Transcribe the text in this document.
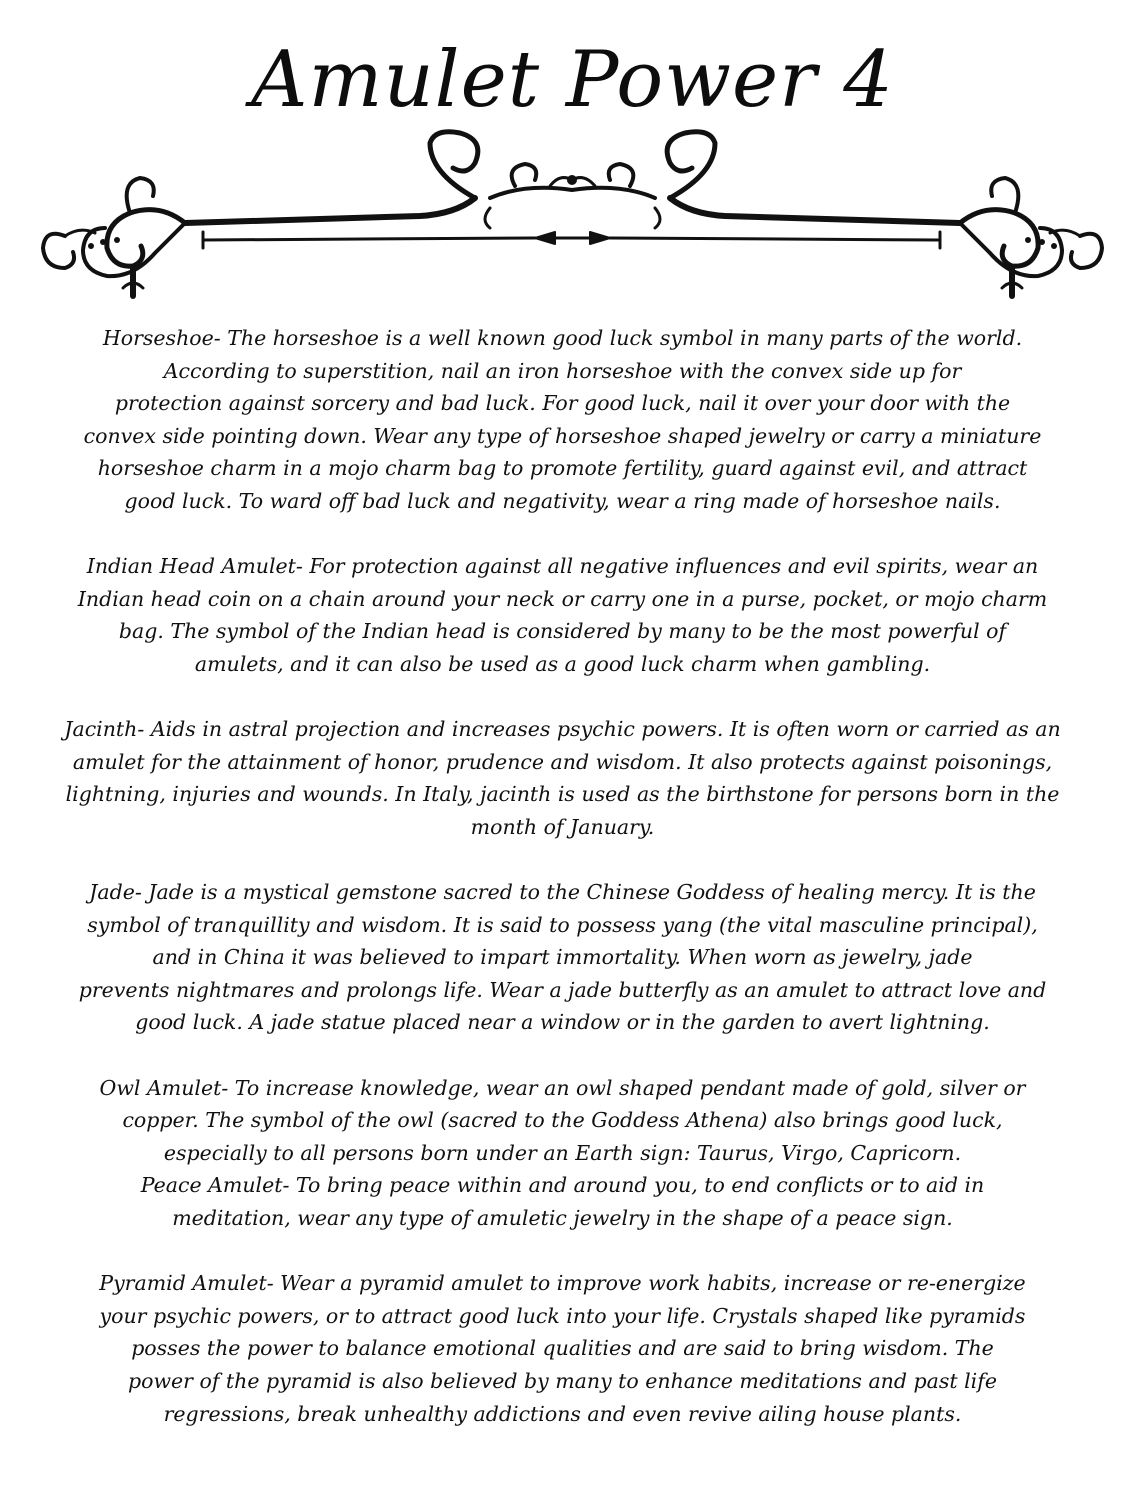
Amulet Power 4
Horseshoe- The horseshoe is a well known good luck symbol in many parts of the world.
According to superstition, nail an iron horseshoe with the convex side up for
protection against sorcery and bad luck. For good luck, nail it over your door with the
convex side pointing down. Wear any type of horseshoe shaped jewelry or carry a miniature
horseshoe charm in a mojo charm bag to promote fertility, guard against evil, and attract
good luck. To ward off bad luck and negativity, wear a ring made of horseshoe nails.
Indian Head Amulet- For protection against all negative influences and evil spirits, wear an
Indian head coin on a chain around your neck or carry one in a purse, pocket, or mojo charm
bag. The symbol of the Indian head is considered by many to be the most powerful of
amulets, and it can also be used as a good luck charm when gambling.
Jacinth- Aids in astral projection and increases psychic powers. It is often worn or carried as an
amulet for the attainment of honor, prudence and wisdom. It also protects against poisonings,
lightning, injuries and wounds. In Italy, jacinth is used as the birthstone for persons born in the
month of January.
Jade- Jade is a mystical gemstone sacred to the Chinese Goddess of healing mercy. It is the
symbol of tranquillity and wisdom. It is said to possess yang (the vital masculine principal),
and in China it was believed to impart immortality. When worn as jewelry, jade
prevents nightmares and prolongs life. Wear a jade butterfly as an amulet to attract love and
good luck. A jade statue placed near a window or in the garden to avert lightning.
Owl Amulet- To increase knowledge, wear an owl shaped pendant made of gold, silver or
copper. The symbol of the owl (sacred to the Goddess Athena) also brings good luck,
especially to all persons born under an Earth sign: Taurus, Virgo, Capricorn.
Peace Amulet- To bring peace within and around you, to end conflicts or to aid in
meditation, wear any type of amuletic jewelry in the shape of a peace sign.
Pyramid Amulet- Wear a pyramid amulet to improve work habits, increase or re-energize
your psychic powers, or to attract good luck into your life. Crystals shaped like pyramids
posses the power to balance emotional qualities and are said to bring wisdom. The
power of the pyramid is also believed by many to enhance meditations and past life
regressions, break unhealthy addictions and even revive ailing house plants.
